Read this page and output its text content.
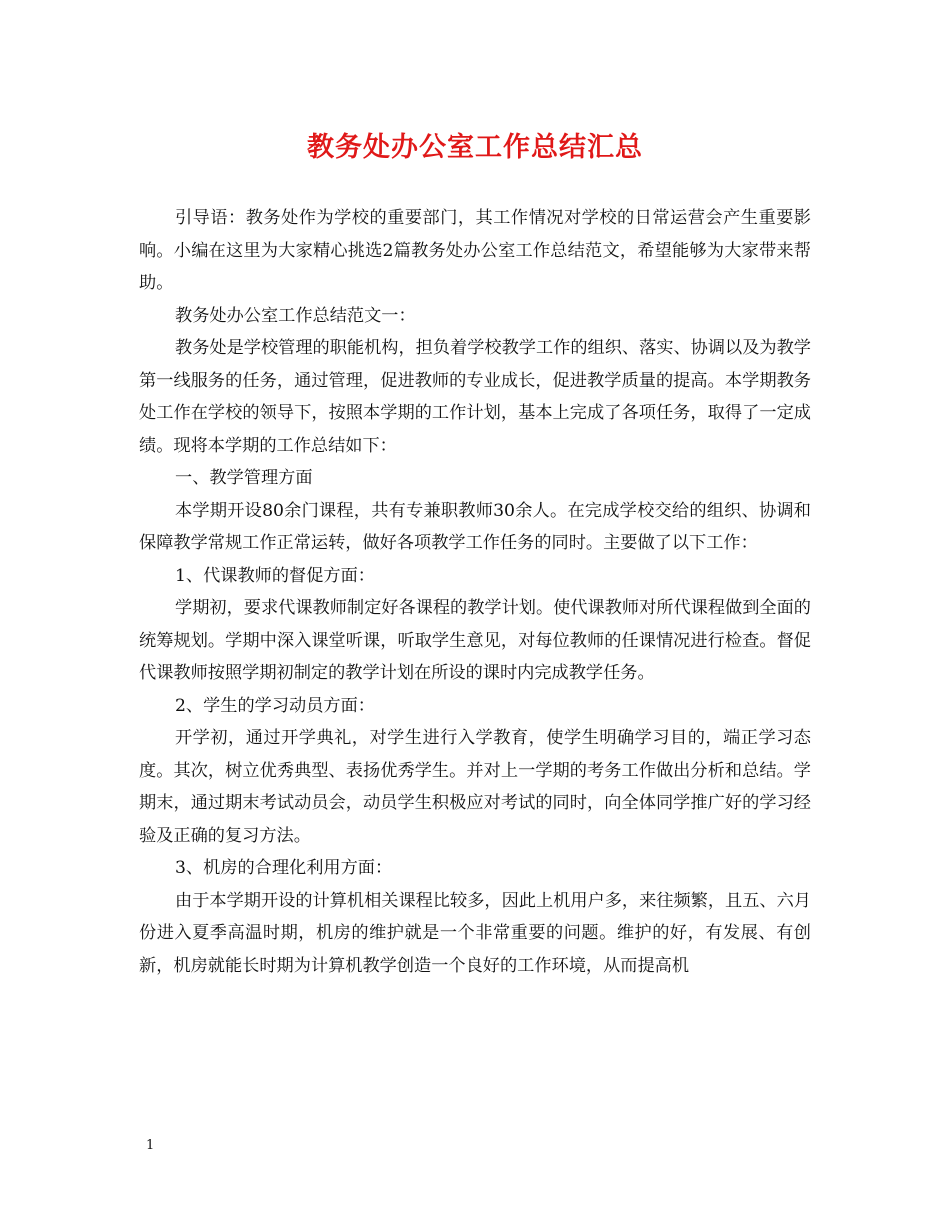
教务处办公室工作总结汇总

引导语：教务处作为学校的重要部门，其工作情况对学校的日常运营会产生重要影响。小编在这里为大家精心挑选2篇教务处办公室工作总结范文，希望能够为大家带来帮助。

教务处办公室工作总结范文一：

教务处是学校管理的职能机构，担负着学校教学工作的组织、落实、协调以及为教学第一线服务的任务，通过管理，促进教师的专业成长，促进教学质量的提高。本学期教务处工作在学校的领导下，按照本学期的工作计划，基本上完成了各项任务，取得了一定成绩。现将本学期的工作总结如下：

一、教学管理方面

本学期开设80余门课程，共有专兼职教师30余人。在完成学校交给的组织、协调和保障教学常规工作正常运转，做好各项教学工作任务的同时。主要做了以下工作：

1、代课教师的督促方面：

学期初，要求代课教师制定好各课程的教学计划。使代课教师对所代课程做到全面的统筹规划。学期中深入课堂听课，听取学生意见，对每位教师的任课情况进行检查。督促代课教师按照学期初制定的教学计划在所设的课时内完成教学任务。

2、学生的学习动员方面：

开学初，通过开学典礼，对学生进行入学教育，使学生明确学习目的，端正学习态度。其次，树立优秀典型、表扬优秀学生。并对上一学期的考务工作做出分析和总结。学期末，通过期末考试动员会，动员学生积极应对考试的同时，向全体同学推广好的学习经验及正确的复习方法。

3、机房的合理化利用方面：

由于本学期开设的计算机相关课程比较多，因此上机用户多，来往频繁，且五、六月份进入夏季高温时期，机房的维护就是一个非常重要的问题。维护的好，有发展、有创新，机房就能长时期为计算机教学创造一个良好的工作环境，从而提高机

1
